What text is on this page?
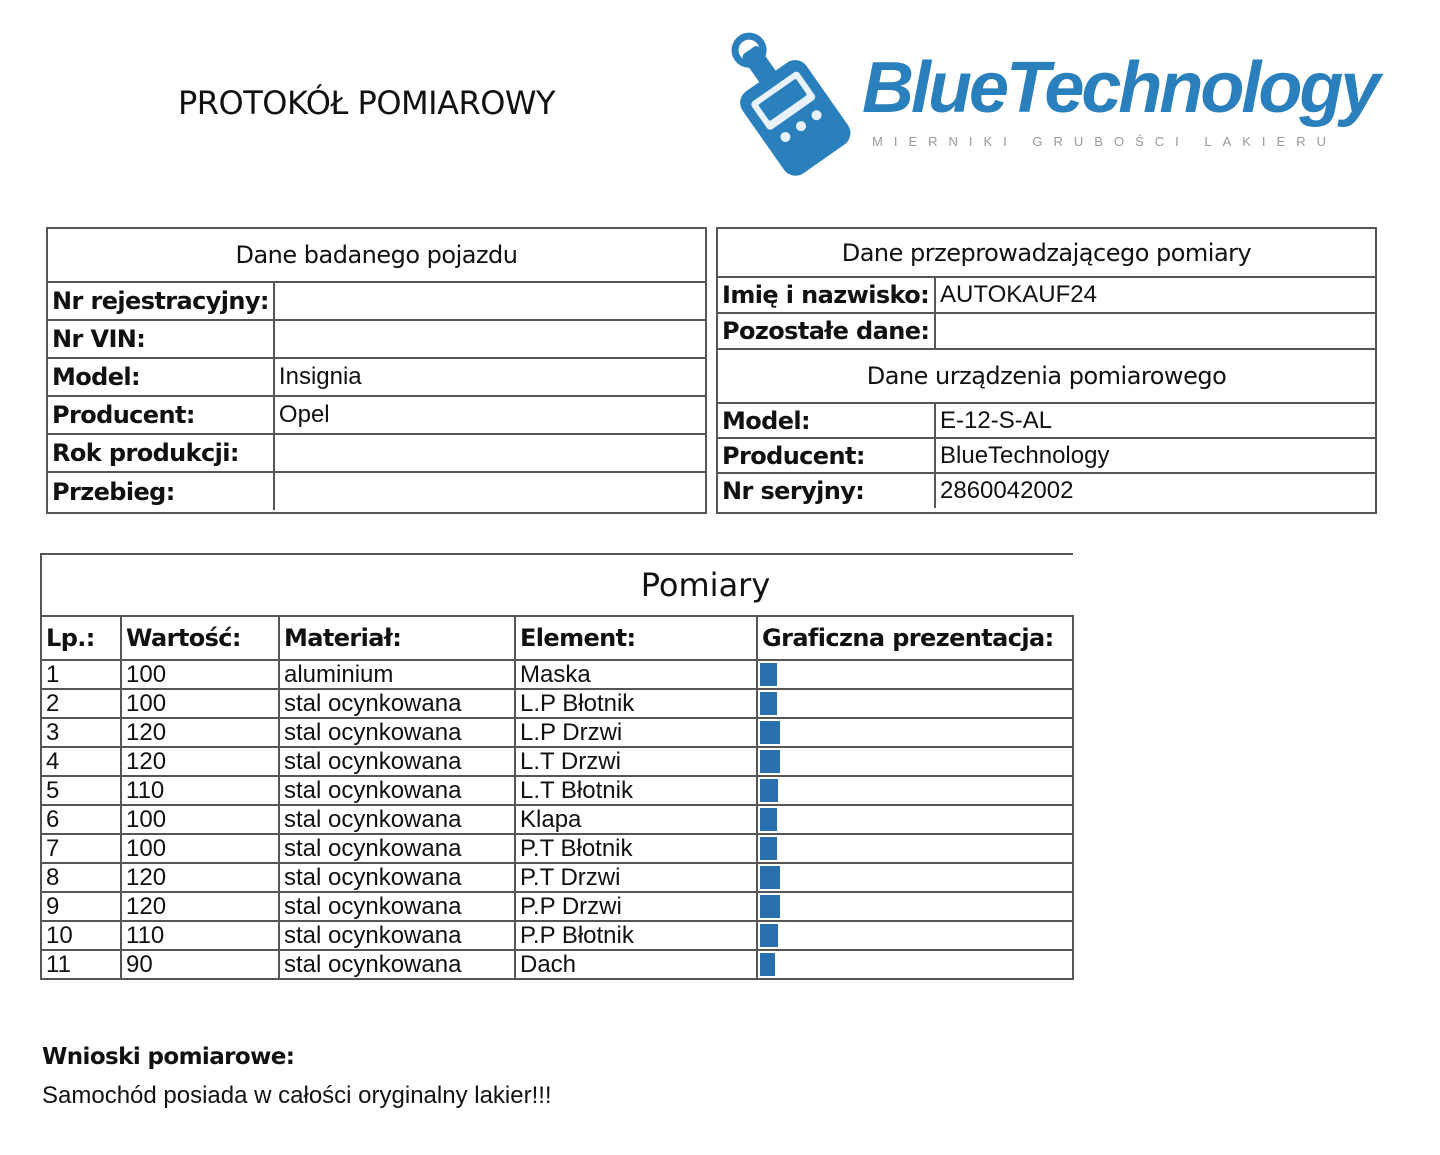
PROTOKÓŁ POMIAROWY	BlueTechnology
MIERNIKI GRUBOŚCI LAKIERU
Dane badanego pojazdu	
Nr rejestracyjny:	
Nr VIN:	
Model:	Insignia
Producent:	Opel
Rok produkcji:	
Przebieg:	
Dane przeprowadzającego pomiary	
Imię i nazwisko:	AUTOKAUF24
Pozostałe dane:	
Dane urządzenia pomiarowego	
Model:	E-12-S-AL
Producent:	BlueTechnology
Nr seryjny:	2860042002
Pomiary				
Lp.:	Wartość:	Materiał:	Element:	Graficzna prezentacja:
1	100	aluminium	Maska	

2	100	stal ocynkowana	L.P Błotnik	

3	120	stal ocynkowana	L.P Drzwi	

4	120	stal ocynkowana	L.T Drzwi	

5	110	stal ocynkowana	L.T Błotnik	

6	100	stal ocynkowana	Klapa	

7	100	stal ocynkowana	P.T Błotnik	

8	120	stal ocynkowana	P.T Drzwi	

9	120	stal ocynkowana	P.P Drzwi	

10	110	stal ocynkowana	P.P Błotnik	

11	90	stal ocynkowana	Dach	
Wnioski pomiarowe:
Samochód posiada w całości oryginalny lakier!!!
